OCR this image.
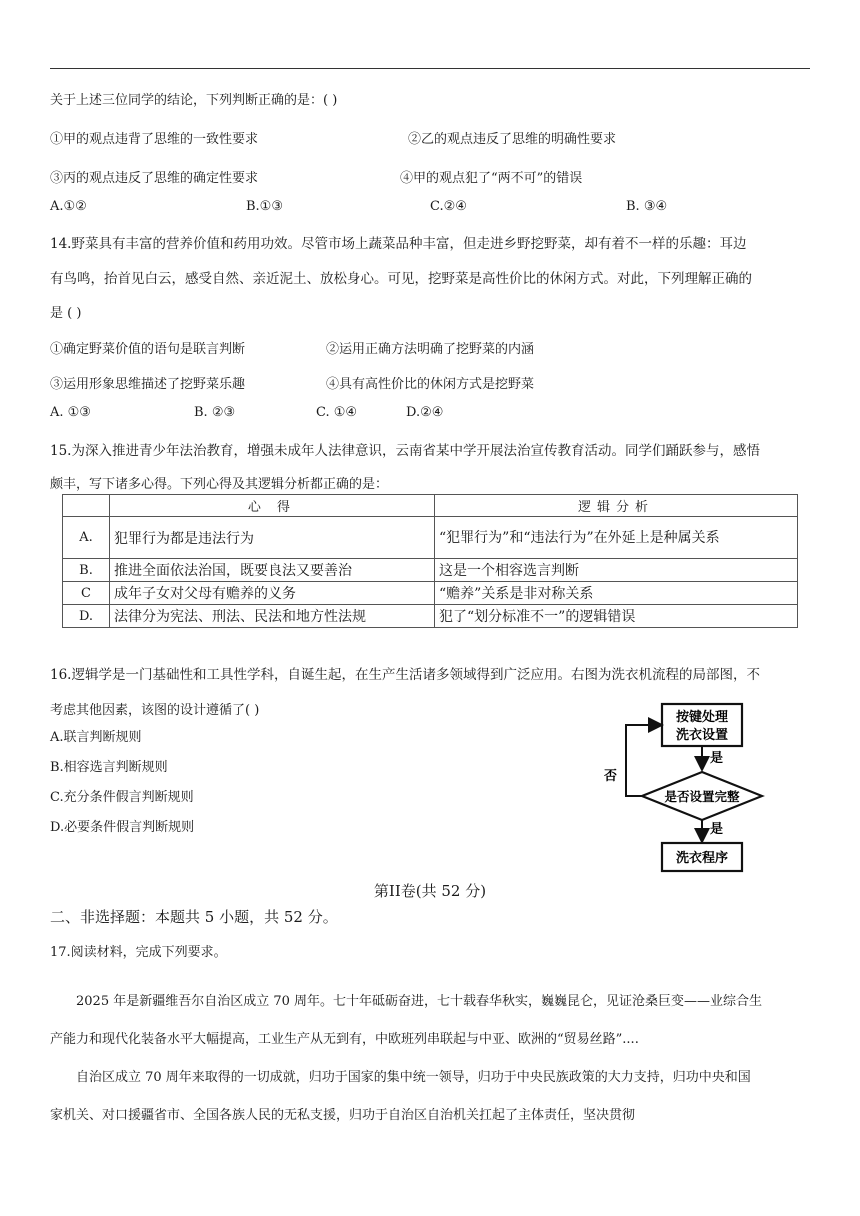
关于上述三位同学的结论，下列判断正确的是：( )
①甲的观点违背了思维的一致性要求	②乙的观点违反了思维的明确性要求
③丙的观点违反了思维的确定性要求	④甲的观点犯了“两不可”的错误
A.①②	B.①③	C.②④	B. ③④
14.野菜具有丰富的营养价值和药用功效。尽管市场上蔬菜品种丰富，但走进乡野挖野菜，却有着不一样的乐趣：耳边
有鸟鸣，抬首见白云，感受自然、亲近泥土、放松身心。可见，挖野菜是高性价比的休闲方式。对此，下列理解正确的
是 ( )
①确定野菜价值的语句是联言判断	②运用正确方法明确了挖野菜的内涵
③运用形象思维描述了挖野菜乐趣	④具有高性价比的休闲方式是挖野菜
A. ①③	B. ②③	C. ①④	D.②④
15.为深入推进青少年法治教育，增强未成年人法律意识，云南省某中学开展法治宣传教育活动。同学们踊跃参与，感悟
颇丰，写下诸多心得。下列心得及其逻辑分析都正确的是：
	心 得	逻辑分析
A.	犯罪行为都是违法行为	“犯罪行为”和“违法行为”在外延上是种属关系
B.	推进全面依法治国，既要良法又要善治	这是一个相容选言判断
C	成年子女对父母有赡养的义务	“赡养”关系是非对称关系
D.	法律分为宪法、刑法、民法和地方性法规	犯了“划分标准不一”的逻辑错误
16.逻辑学是一门基础性和工具性学科，自诞生起，在生产生活诸多领域得到广泛应用。右图为洗衣机流程的局部图，不
考虑其他因素，该图的设计遵循了( )
A.联言判断规则
B.相容选言判断规则
C.充分条件假言判断规则
D.必要条件假言判断规则
按键处理
洗衣设置
是
是否设置完整
否
是
洗衣程序
第II卷(共 52 分)
二、非选择题：本题共 5 小题，共 52 分。
17.阅读材料，完成下列要求。
2025 年是新疆维吾尔自治区成立 70 周年。七十年砥砺奋进，七十载春华秋实，巍巍昆仑，见证沧桑巨变——业综合生
产能力和现代化装备水平大幅提高，工业生产从无到有，中欧班列串联起与中亚、欧洲的“贸易丝路”....
自治区成立 70 周年来取得的一切成就，归功于国家的集中统一领导，归功于中央民族政策的大力支持，归功中央和国
家机关、对口援疆省市、全国各族人民的无私支援，归功于自治区自治机关扛起了主体责任，坚决贯彻
